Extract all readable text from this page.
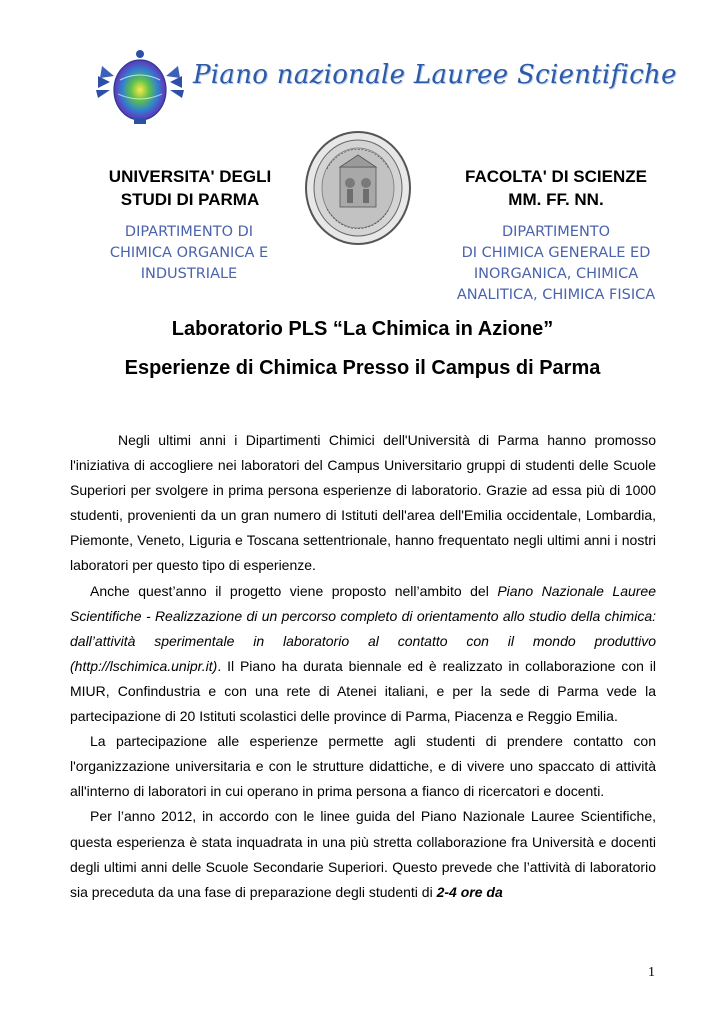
Piano nazionale Lauree Scientifiche
UNIVERSITA' DEGLI
STUDI DI PARMA
DIPARTIMENTO DI
CHIMICA ORGANICA E
INDUSTRIALE
FACOLTA' DI SCIENZE
MM. FF. NN.
DIPARTIMENTO
DI CHIMICA GENERALE ED
INORGANICA, CHIMICA
ANALITICA, CHIMICA FISICA
Laboratorio PLS “La Chimica in Azione”
Esperienze di Chimica Presso il Campus di Parma

Negli ultimi anni i Dipartimenti Chimici dell'Università di Parma hanno promosso l'iniziativa di accogliere nei laboratori del Campus Universitario gruppi di studenti delle Scuole Superiori per svolgere in prima persona esperienze di laboratorio. Grazie ad essa più di 1000 studenti, provenienti da un gran numero di Istituti dell'area dell'Emilia occidentale, Lombardia, Piemonte, Veneto, Liguria e Toscana settentrionale, hanno frequentato negli ultimi anni i nostri laboratori per questo tipo di esperienze.

Anche quest’anno il progetto viene proposto nell’ambito del Piano Nazionale Lauree Scientifiche - Realizzazione di un percorso completo di orientamento allo studio della chimica: dall’attività sperimentale in laboratorio al contatto con il mondo produttivo (http://lschimica.unipr.it). Il Piano ha durata biennale ed è realizzato in collaborazione con il MIUR, Confindustria e con una rete di Atenei italiani, e per la sede di Parma vede la partecipazione di 20 Istituti scolastici delle province di Parma, Piacenza e Reggio Emilia.

La partecipazione alle esperienze permette agli studenti di prendere contatto con l'organizzazione universitaria e con le strutture didattiche, e di vivere uno spaccato di attività all'interno di laboratori in cui operano in prima persona a fianco di ricercatori e docenti.

Per l’anno 2012, in accordo con le linee guida del Piano Nazionale Lauree Scientifiche, questa esperienza è stata inquadrata in una più stretta collaborazione fra Università e docenti degli ultimi anni delle Scuole Secondarie Superiori. Questo prevede che l’attività di laboratorio sia preceduta da una fase di preparazione degli studenti di 2-4 ore da

1
